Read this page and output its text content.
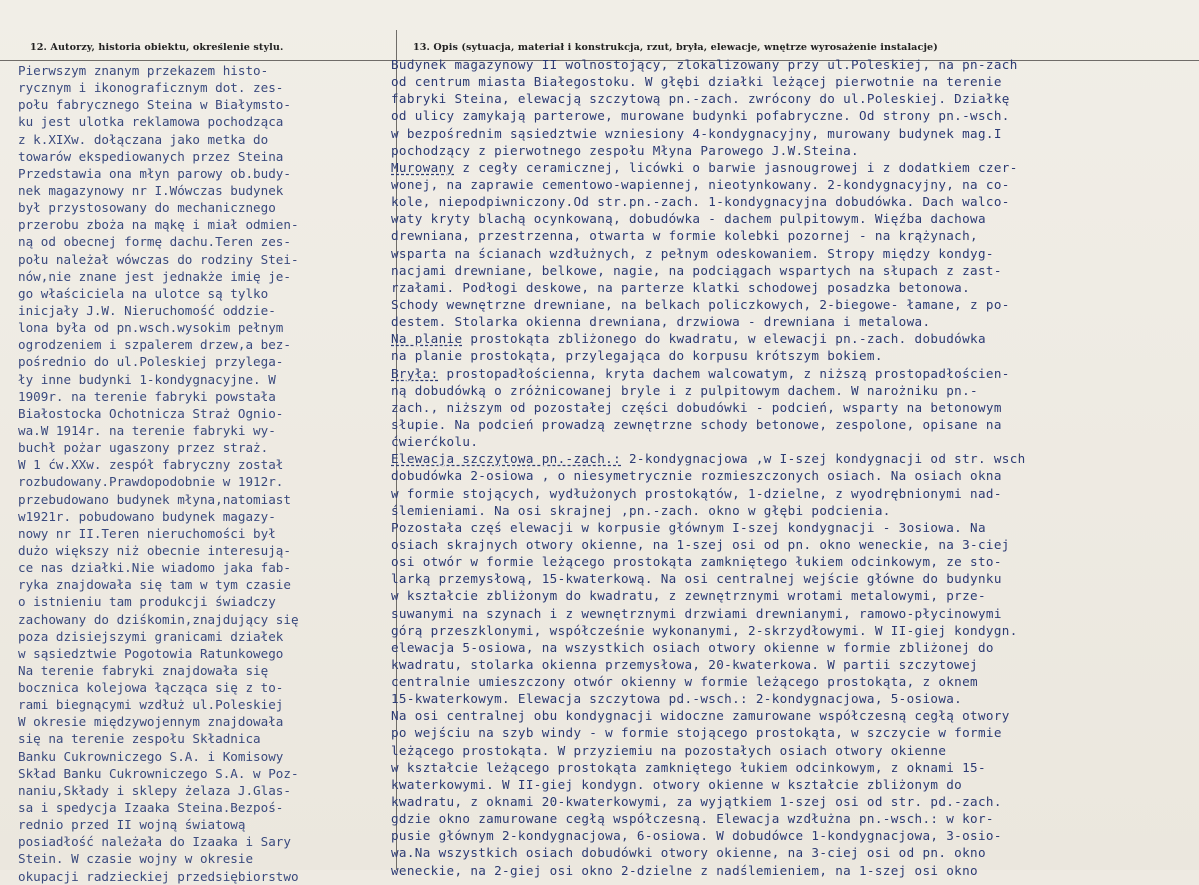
12. Autorzy, historia obiektu, określenie stylu.	13. Opis (sytuacja, materiał i konstrukcja, rzut, bryła, elewacje, wnętrze wyrosażenie instalacje)
Pierwszym znanym przekazem histo-
rycznym i ikonograficznym dot. zes-
połu fabrycznego Steina w Białymsto-
ku jest ulotka reklamowa pochodząca
z k.XIXw. dołączana jako metka do
towarów ekspediowanych przez Steina
Przedstawia ona młyn parowy ob.budy-
nek magazynowy nr I.Wówczas budynek
był przystosowany do mechanicznego
przerobu zboża na mąkę i miał odmien-
ną od obecnej formę dachu.Teren zes-
połu należał wówczas do rodziny Stei-
nów,nie znane jest jednakże imię je-
go właściciela na ulotce są tylko
inicjały J.W. Nieruchomość oddzie-
lona była od pn.wsch.wysokim pełnym
ogrodzeniem i szpalerem drzew,a bez-
pośrednio do ul.Poleskiej przylega-
ły inne budynki 1-kondygnacyjne. W
1909r. na terenie fabryki powstała
Białostocka Ochotnicza Straż Ognio-
wa.W 1914r. na terenie fabryki wy-
buchł pożar ugaszony przez straż.
W 1 ćw.XXw. zespół fabryczny został
rozbudowany.Prawdopodobnie w 1912r.
przebudowano budynek młyna,natomiast
w1921r. pobudowano budynek magazy-
nowy nr II.Teren nieruchomości był
dużo większy niż obecnie interesują-
ce nas działki.Nie wiadomo jaka fab-
ryka znajdowała się tam w tym czasie
o istnieniu tam produkcji świadczy
zachowany do dziśkomin,znajdujący się
poza dzisiejszymi granicami działek
w sąsiedztwie Pogotowia Ratunkowego
Na terenie fabryki znajdowała się
bocznica kolejowa łącząca się z to-
rami biegnącymi wzdłuż ul.Poleskiej
W okresie międzywojennym znajdowała
się na terenie zespołu Składnica
Banku Cukrowniczego S.A. i Komisowy
Skład Banku Cukrowniczego S.A. w Poz-
naniu,Składy i sklepy żelaza J.Glas-
sa i spedycja Izaaka Steina.Bezpoś-
rednio przed II wojną światową
posiadłość należała do Izaaka i Sary
Stein. W czasie wojny w okresie
okupacji radzieckiej przedsiębiorstwo
Budynek magazynowy II wolnostojący, zlokalizowany przy ul.Poleskiej, na pn-zach
od centrum miasta Białegostoku. W głębi działki leżącej pierwotnie na terenie
fabryki Steina, elewacją szczytową pn.-zach. zwrócony do ul.Poleskiej. Działkę
od ulicy zamykają parterowe, murowane budynki pofabryczne. Od strony pn.-wsch.
w bezpośrednim sąsiedztwie wzniesiony 4-kondygnacyjny, murowany budynek mag.I
pochodzący z pierwotnego zespołu Młyna Parowego J.W.Steina.
Murowany z cegły ceramicznej, licówki o barwie jasnougrowej i z dodatkiem czer-
wonej, na zaprawie cementowo-wapiennej, nieotynkowany. 2-kondygnacyjny, na co-
kole, niepodpiwniczony.Od str.pn.-zach. 1-kondygnacyjna dobudówka. Dach walco-
waty kryty blachą ocynkowaną, dobudówka - dachem pulpitowym. Więźba dachowa
drewniana, przestrzenna, otwarta w formie kolebki pozornej - na krążynach,
wsparta na ścianach wzdłużnych, z pełnym odeskowaniem. Stropy między kondyg-
nacjami drewniane, belkowe, nagie, na podciągach wspartych na słupach z zast-
rzałami. Podłogi deskowe, na parterze klatki schodowej posadzka betonowa.
Schody wewnętrzne drewniane, na belkach policzkowych, 2-biegowe- łamane, z po-
destem. Stolarka okienna drewniana, drzwiowa - drewniana i metalowa.
Na planie prostokąta zbliżonego do kwadratu, w elewacji pn.-zach. dobudówka
na planie prostokąta, przylegająca do korpusu krótszym bokiem.
Bryła: prostopadłościenna, kryta dachem walcowatym, z niższą prostopadłościen-
ną dobudówką o zróżnicowanej bryle i z pulpitowym dachem. W narożniku pn.-
zach., niższym od pozostałej części dobudówki - podcień, wsparty na betonowym
słupie. Na podcień prowadzą zewnętrzne schody betonowe, zespolone, opisane na
ćwierćkolu.
Elewacja szczytowa pn.-zach.: 2-kondygnacjowa ,w I-szej kondygnacji od str. wsch
dobudówka 2-osiowa , o niesymetrycznie rozmieszczonych osiach. Na osiach okna
w formie stojących, wydłużonych prostokątów, 1-dzielne, z wyodrębnionymi nad-
ślemieniami. Na osi skrajnej ,pn.-zach. okno w głębi podcienia.
Pozostała częś elewacji w korpusie głównym I-szej kondygnacji - 3osiowa. Na
osiach skrajnych otwory okienne, na 1-szej osi od pn. okno weneckie, na 3-ciej
osi otwór w formie leżącego prostokąta zamkniętego łukiem odcinkowym, ze sto-
larką przemysłową, 15-kwaterkową. Na osi centralnej wejście główne do budynku
w kształcie zbliżonym do kwadratu, z zewnętrznymi wrotami metalowymi, prze-
suwanymi na szynach i z wewnętrznymi drzwiami drewnianymi, ramowo-płycinowymi
górą przeszklonymi, współcześnie wykonanymi, 2-skrzydłowymi. W II-giej kondygn.
elewacja 5-osiowa, na wszystkich osiach otwory okienne w formie zbliżonej do
kwadratu, stolarka okienna przemysłowa, 20-kwaterkowa. W partii szczytowej
centralnie umieszczony otwór okienny w formie leżącego prostokąta, z oknem
15-kwaterkowym. Elewacja szczytowa pd.-wsch.: 2-kondygnacjowa, 5-osiowa.
Na osi centralnej obu kondygnacji widoczne zamurowane współczesną cegłą otwory
po wejściu na szyb windy - w formie stojącego prostokąta, w szczycie w formie
leżącego prostokąta. W przyziemiu na pozostałych osiach otwory okienne
w kształcie leżącego prostokąta zamkniętego łukiem odcinkowym, z oknami 15-
kwaterkowymi. W II-giej kondygn. otwory okienne w kształcie zbliżonym do
kwadratu, z oknami 20-kwaterkowymi, za wyjątkiem 1-szej osi od str. pd.-zach.
gdzie okno zamurowane cegłą współczesną. Elewacja wzdłużna pn.-wsch.: w kor-
pusie głównym 2-kondygnacjowa, 6-osiowa. W dobudówce 1-kondygnacjowa, 3-osio-
wa.Na wszystkich osiach dobudówki otwory okienne, na 3-ciej osi od pn. okno
weneckie, na 2-giej osi okno 2-dzielne z nadślemieniem, na 1-szej osi okno
